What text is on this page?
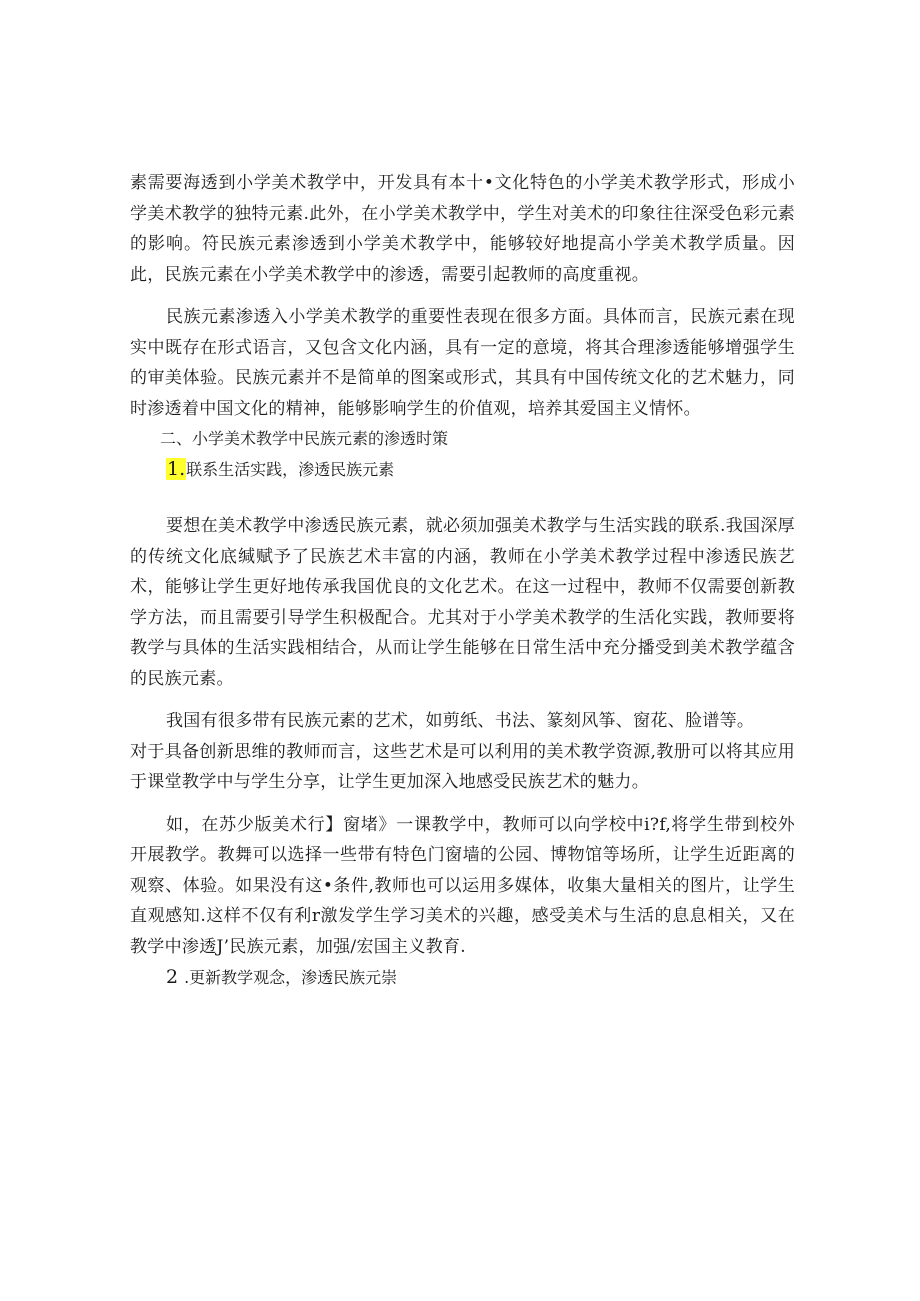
素需要海透到小学美术教学中，开发具有本十•文化特色的小学美术教学形式，形成小学美术教学的独特元素.此外，在小学美术教学中，学生对美术的印象往往深受色彩元素的影响。符民族元素渗透到小学美术教学中，能够较好地提高小学美术教学质量。因此，民族元素在小学美术教学中的渗透，需要引起教师的高度重视。

民族元素渗透入小学美术教学的重要性表现在很多方面。具体而言，民族元素在现实中既存在形式语言，又包含文化内涵，具有一定的意境，将其合理渗透能够增强学生的审美体验。民族元素并不是简单的图案或形式，其具有中国传统文化的艺术魅力，同时渗透着中国文化的精神，能够影响学生的价值观，培养其爱国主义情怀。

二、小学美术教学中民族元素的渗透时策

1.联系生活实践，渗透民族元素

要想在美术教学中渗透民族元素，就必须加强美术教学与生活实践的联系.我国深厚的传统文化底缄赋予了民族艺术丰富的内涵，教师在小学美术教学过程中渗透民族艺术，能够让学生更好地传承我国优良的文化艺术。在这一过程中，教师不仅需要创新教学方法，而且需要引导学生积极配合。尤其对于小学美术教学的生活化实践，教师要将教学与具体的生活实践相结合，从而让学生能够在日常生活中充分播受到美术教学蕴含的民族元素。

我国有很多带有民族元素的艺术，如剪纸、书法、篆刻风筝、窗花、脸谱等。

对于具备创新思维的教师而言，这些艺术是可以利用的美术教学资源,教册可以将其应用于课堂教学中与学生分享，让学生更加深入地感受民族艺术的魅力。

如，在苏少版美术行】窗堵》一课教学中，教师可以向学校中i?f,将学生带到校外开展教学。教舞可以选择一些带有特色门窗墙的公园、博物馆等场所，让学生近距离的观察、体验。如果没有这•条件,教师也可以运用多媒体，收集大量相关的图片，让学生直观感知.这样不仅有利r激发学生学习美术的兴趣，感受美术与生活的息息相关，又在教学中渗透J’民族元素，加强/宏国主义教育.

2 .更新教学观念，渗透民族元崇
